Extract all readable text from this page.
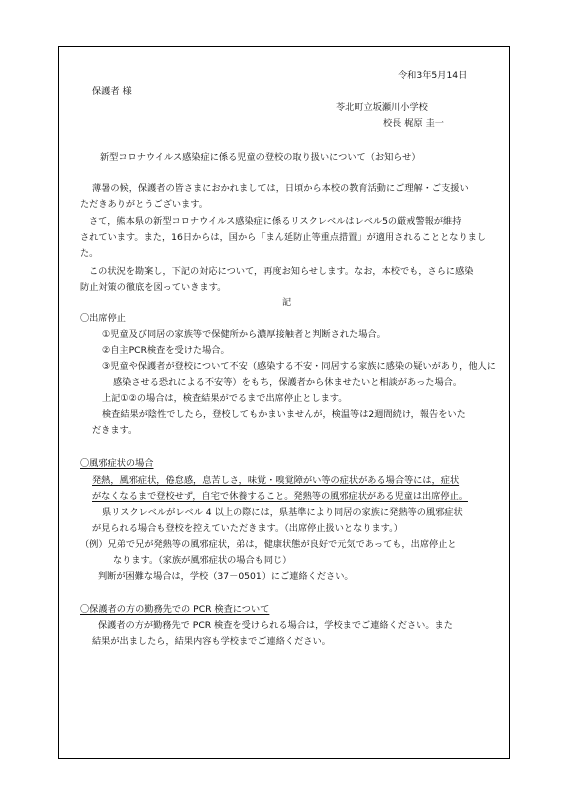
令和3年5月14日
保護者 様
苓北町立坂瀬川小学校
校長 梶原 圭一
新型コロナウイルス感染症に係る児童の登校の取り扱いについて（お知らせ）
薄暑の候，保護者の皆さまにおかれましては，日頃から本校の教育活動にご理解・ご支援い
ただきありがとうございます。
さて，熊本県の新型コロナウイルス感染症に係るリスクレベルはレベル5の厳戒警報が維持
されています。また，16日からは，国から「まん延防止等重点措置」が適用されることとなりまし
た。
この状況を勘案し，下記の対応について，再度お知らせします。なお，本校でも，さらに感染
防止対策の徹底を図っていきます。
記
〇出席停止
①児童及び同居の家族等で保健所から濃厚接触者と判断された場合。
②自主PCR検査を受けた場合。
③児童や保護者が登校について不安（感染する不安・同居する家族に感染の疑いがあり，他人に
感染させる恐れによる不安等）をもち，保護者から休ませたいと相談があった場合。
上記①②の場合は，検査結果がでるまで出席停止とします。
検査結果が陰性でしたら，登校してもかまいませんが，検温等は2週間続け，報告をいた
だきます。
〇風邪症状の場合
発熱，風邪症状，倦怠感，息苦しさ，味覚・嗅覚障がい等の症状がある場合等には，症状
がなくなるまで登校せず，自宅で休養すること。発熱等の風邪症状がある児童は出席停止。
県リスクレベルがレベル 4 以上の際には，県基準により同居の家族に発熱等の風邪症状
が見られる場合も登校を控えていただきます。（出席停止扱いとなります。）
（例）兄弟で兄が発熱等の風邪症状，弟は，健康状態が良好で元気であっても，出席停止と
なります。（家族が風邪症状の場合も同じ）
判断が困難な場合は，学校（37－0501）にご連絡ください。
〇保護者の方の勤務先での PCR 検査について
保護者の方が勤務先で PCR 検査を受けられる場合は，学校までご連絡ください。また
結果が出ましたら，結果内容も学校までご連絡ください。
